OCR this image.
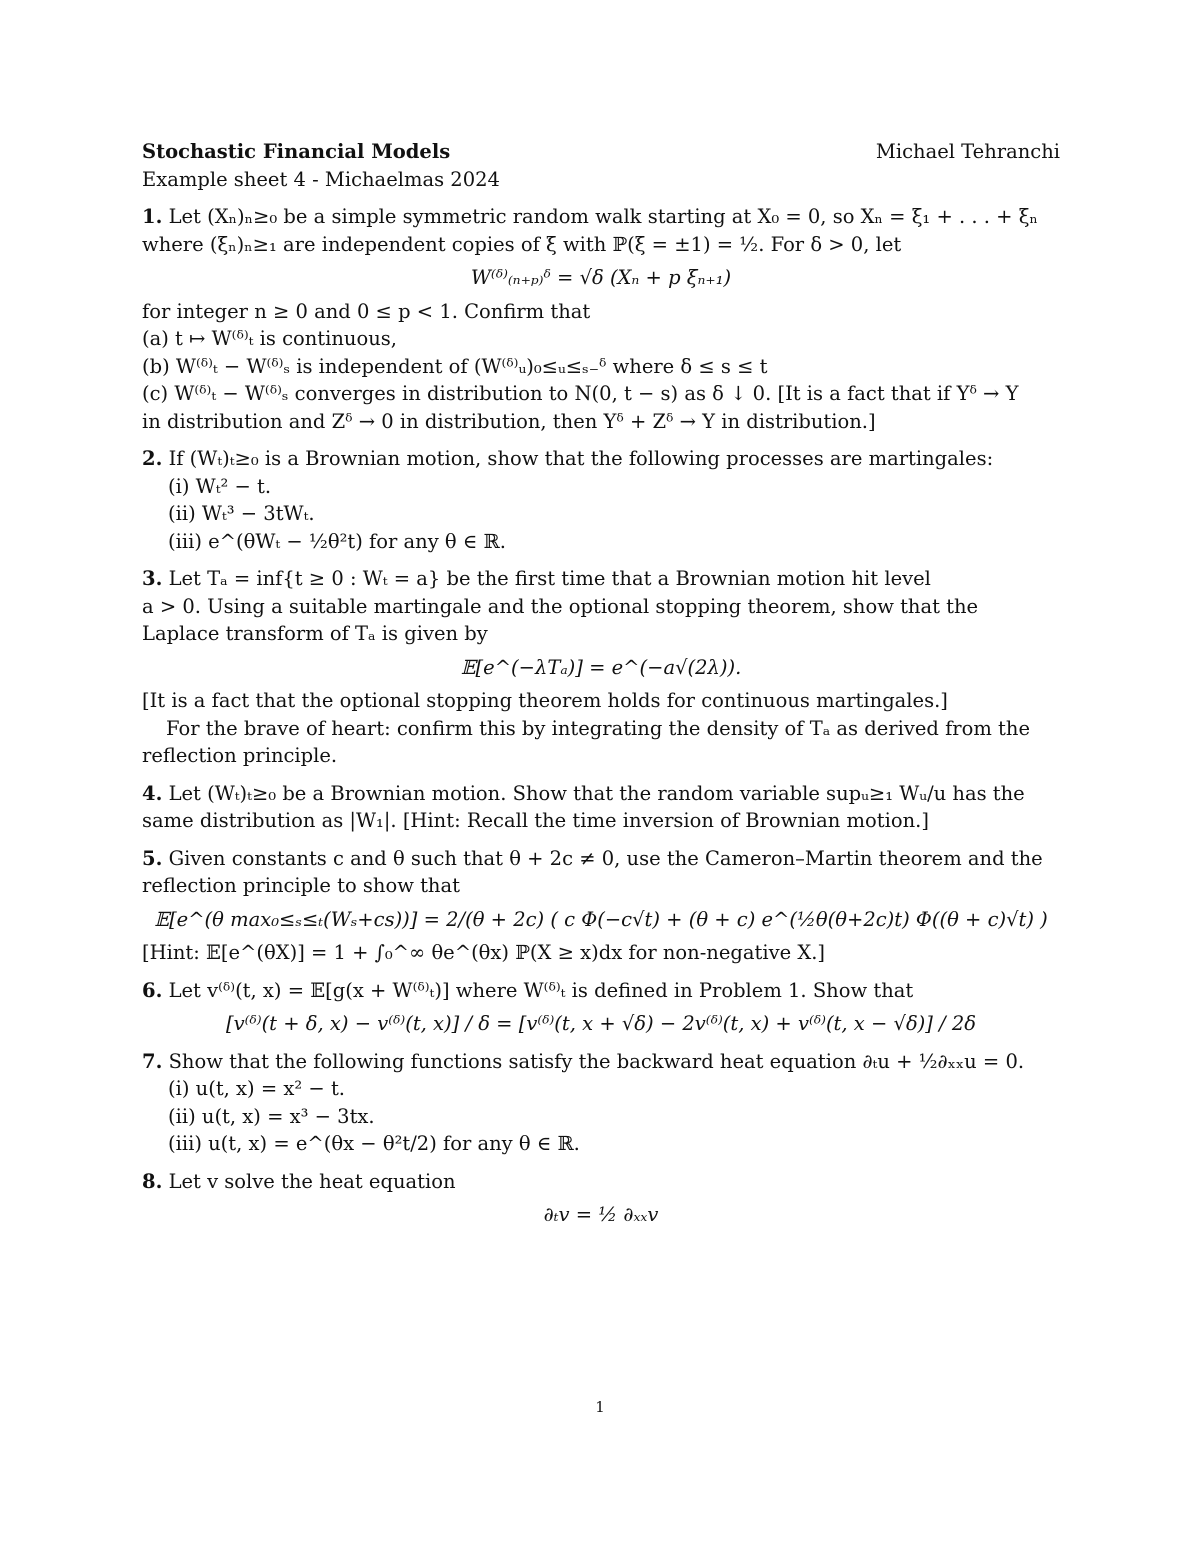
Stochastic Financial Models	Michael Tehranchi
Example sheet 4 - Michaelmas 2024
1. Let (Xₙ)ₙ≥₀ be a simple symmetric random walk starting at X₀ = 0, so Xₙ = ξ₁ + . . . + ξₙ
where (ξₙ)ₙ≥₁ are independent copies of ξ with ℙ(ξ = ±1) = ½. For δ > 0, let
W⁽ᵟ⁾₍ₙ₊ₚ₎ᵟ = √δ (Xₙ + p ξₙ₊₁)
for integer n ≥ 0 and 0 ≤ p < 1. Confirm that
(a) t ↦ W⁽ᵟ⁾ₜ is continuous,
(b) W⁽ᵟ⁾ₜ − W⁽ᵟ⁾ₛ is independent of (W⁽ᵟ⁾ᵤ)₀≤ᵤ≤ₛ₋ᵟ where δ ≤ s ≤ t
(c) W⁽ᵟ⁾ₜ − W⁽ᵟ⁾ₛ converges in distribution to N(0, t − s) as δ ↓ 0. [It is a fact that if Yᵟ → Y
in distribution and Zᵟ → 0 in distribution, then Yᵟ + Zᵟ → Y in distribution.]
2. If (Wₜ)ₜ≥₀ is a Brownian motion, show that the following processes are martingales:
(i) Wₜ² − t.
(ii) Wₜ³ − 3tWₜ.
(iii) e^(θWₜ − ½θ²t) for any θ ∈ ℝ.
3. Let Tₐ = inf{t ≥ 0 : Wₜ = a} be the first time that a Brownian motion hit level
a > 0. Using a suitable martingale and the optional stopping theorem, show that the
Laplace transform of Tₐ is given by
𝔼[e^(−λTₐ)] = e^(−a√(2λ)).
[It is a fact that the optional stopping theorem holds for continuous martingales.]
For the brave of heart: confirm this by integrating the density of Tₐ as derived from the
reflection principle.
4. Let (Wₜ)ₜ≥₀ be a Brownian motion. Show that the random variable supᵤ≥₁ Wᵤ/u has the
same distribution as |W₁|. [Hint: Recall the time inversion of Brownian motion.]
5. Given constants c and θ such that θ + 2c ≠ 0, use the Cameron–Martin theorem and the
reflection principle to show that
𝔼[e^(θ max₀≤ₛ≤ₜ(Wₛ+cs))] = 2/(θ + 2c) ( c Φ(−c√t) + (θ + c) e^(½θ(θ+2c)t) Φ((θ + c)√t) )
[Hint: 𝔼[e^(θX)] = 1 + ∫₀^∞ θe^(θx) ℙ(X ≥ x)dx for non-negative X.]
6. Let v⁽ᵟ⁾(t, x) = 𝔼[g(x + W⁽ᵟ⁾ₜ)] where W⁽ᵟ⁾ₜ is defined in Problem 1. Show that
[v⁽ᵟ⁾(t + δ, x) − v⁽ᵟ⁾(t, x)] / δ = [v⁽ᵟ⁾(t, x + √δ) − 2v⁽ᵟ⁾(t, x) + v⁽ᵟ⁾(t, x − √δ)] / 2δ
7. Show that the following functions satisfy the backward heat equation ∂ₜu + ½∂ₓₓu = 0.
(i) u(t, x) = x² − t.
(ii) u(t, x) = x³ − 3tx.
(iii) u(t, x) = e^(θx − θ²t/2) for any θ ∈ ℝ.
8. Let v solve the heat equation
∂ₜv = ½ ∂ₓₓv
1
